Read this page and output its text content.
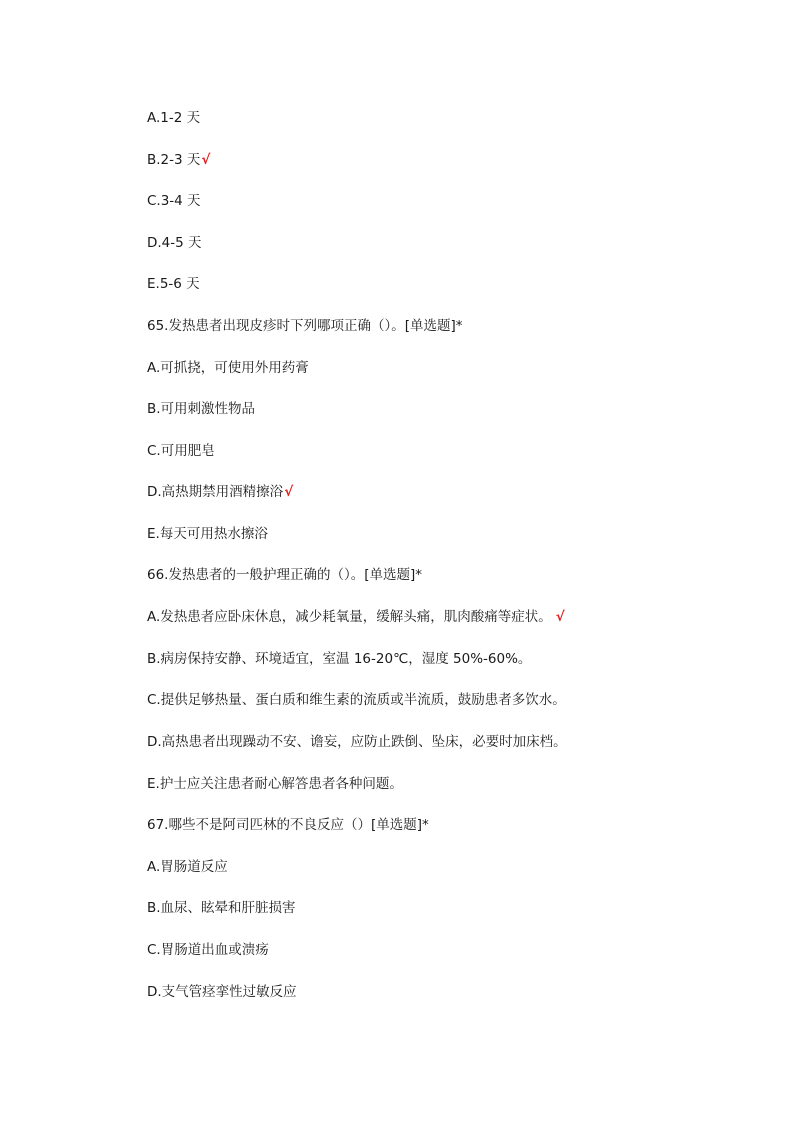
A.1-2 天
B.2-3 天√
C.3-4 天
D.4-5 天
E.5-6 天
65.发热患者出现皮疹时下列哪项正确（）。[单选题]*
A.可抓挠，可使用外用药膏
B.可用刺激性物品
C.可用肥皂
D.高热期禁用酒精擦浴√
E.每天可用热水擦浴
66.发热患者的一般护理正确的（）。[单选题]*
A.发热患者应卧床休息，减少耗氧量，缓解头痛，肌肉酸痛等症状。 √
B.病房保持安静、环境适宜，室温 16-20℃，湿度 50%-60%。
C.提供足够热量、蛋白质和维生素的流质或半流质，鼓励患者多饮水。
D.高热患者出现躁动不安、谵妄，应防止跌倒、坠床，必要时加床档。
E.护士应关注患者耐心解答患者各种问题。
67.哪些不是阿司匹林的不良反应（）[单选题]*
A.胃肠道反应
B.血尿、眩晕和肝脏损害
C.胃肠道出血或溃疡
D.支气管痉挛性过敏反应
